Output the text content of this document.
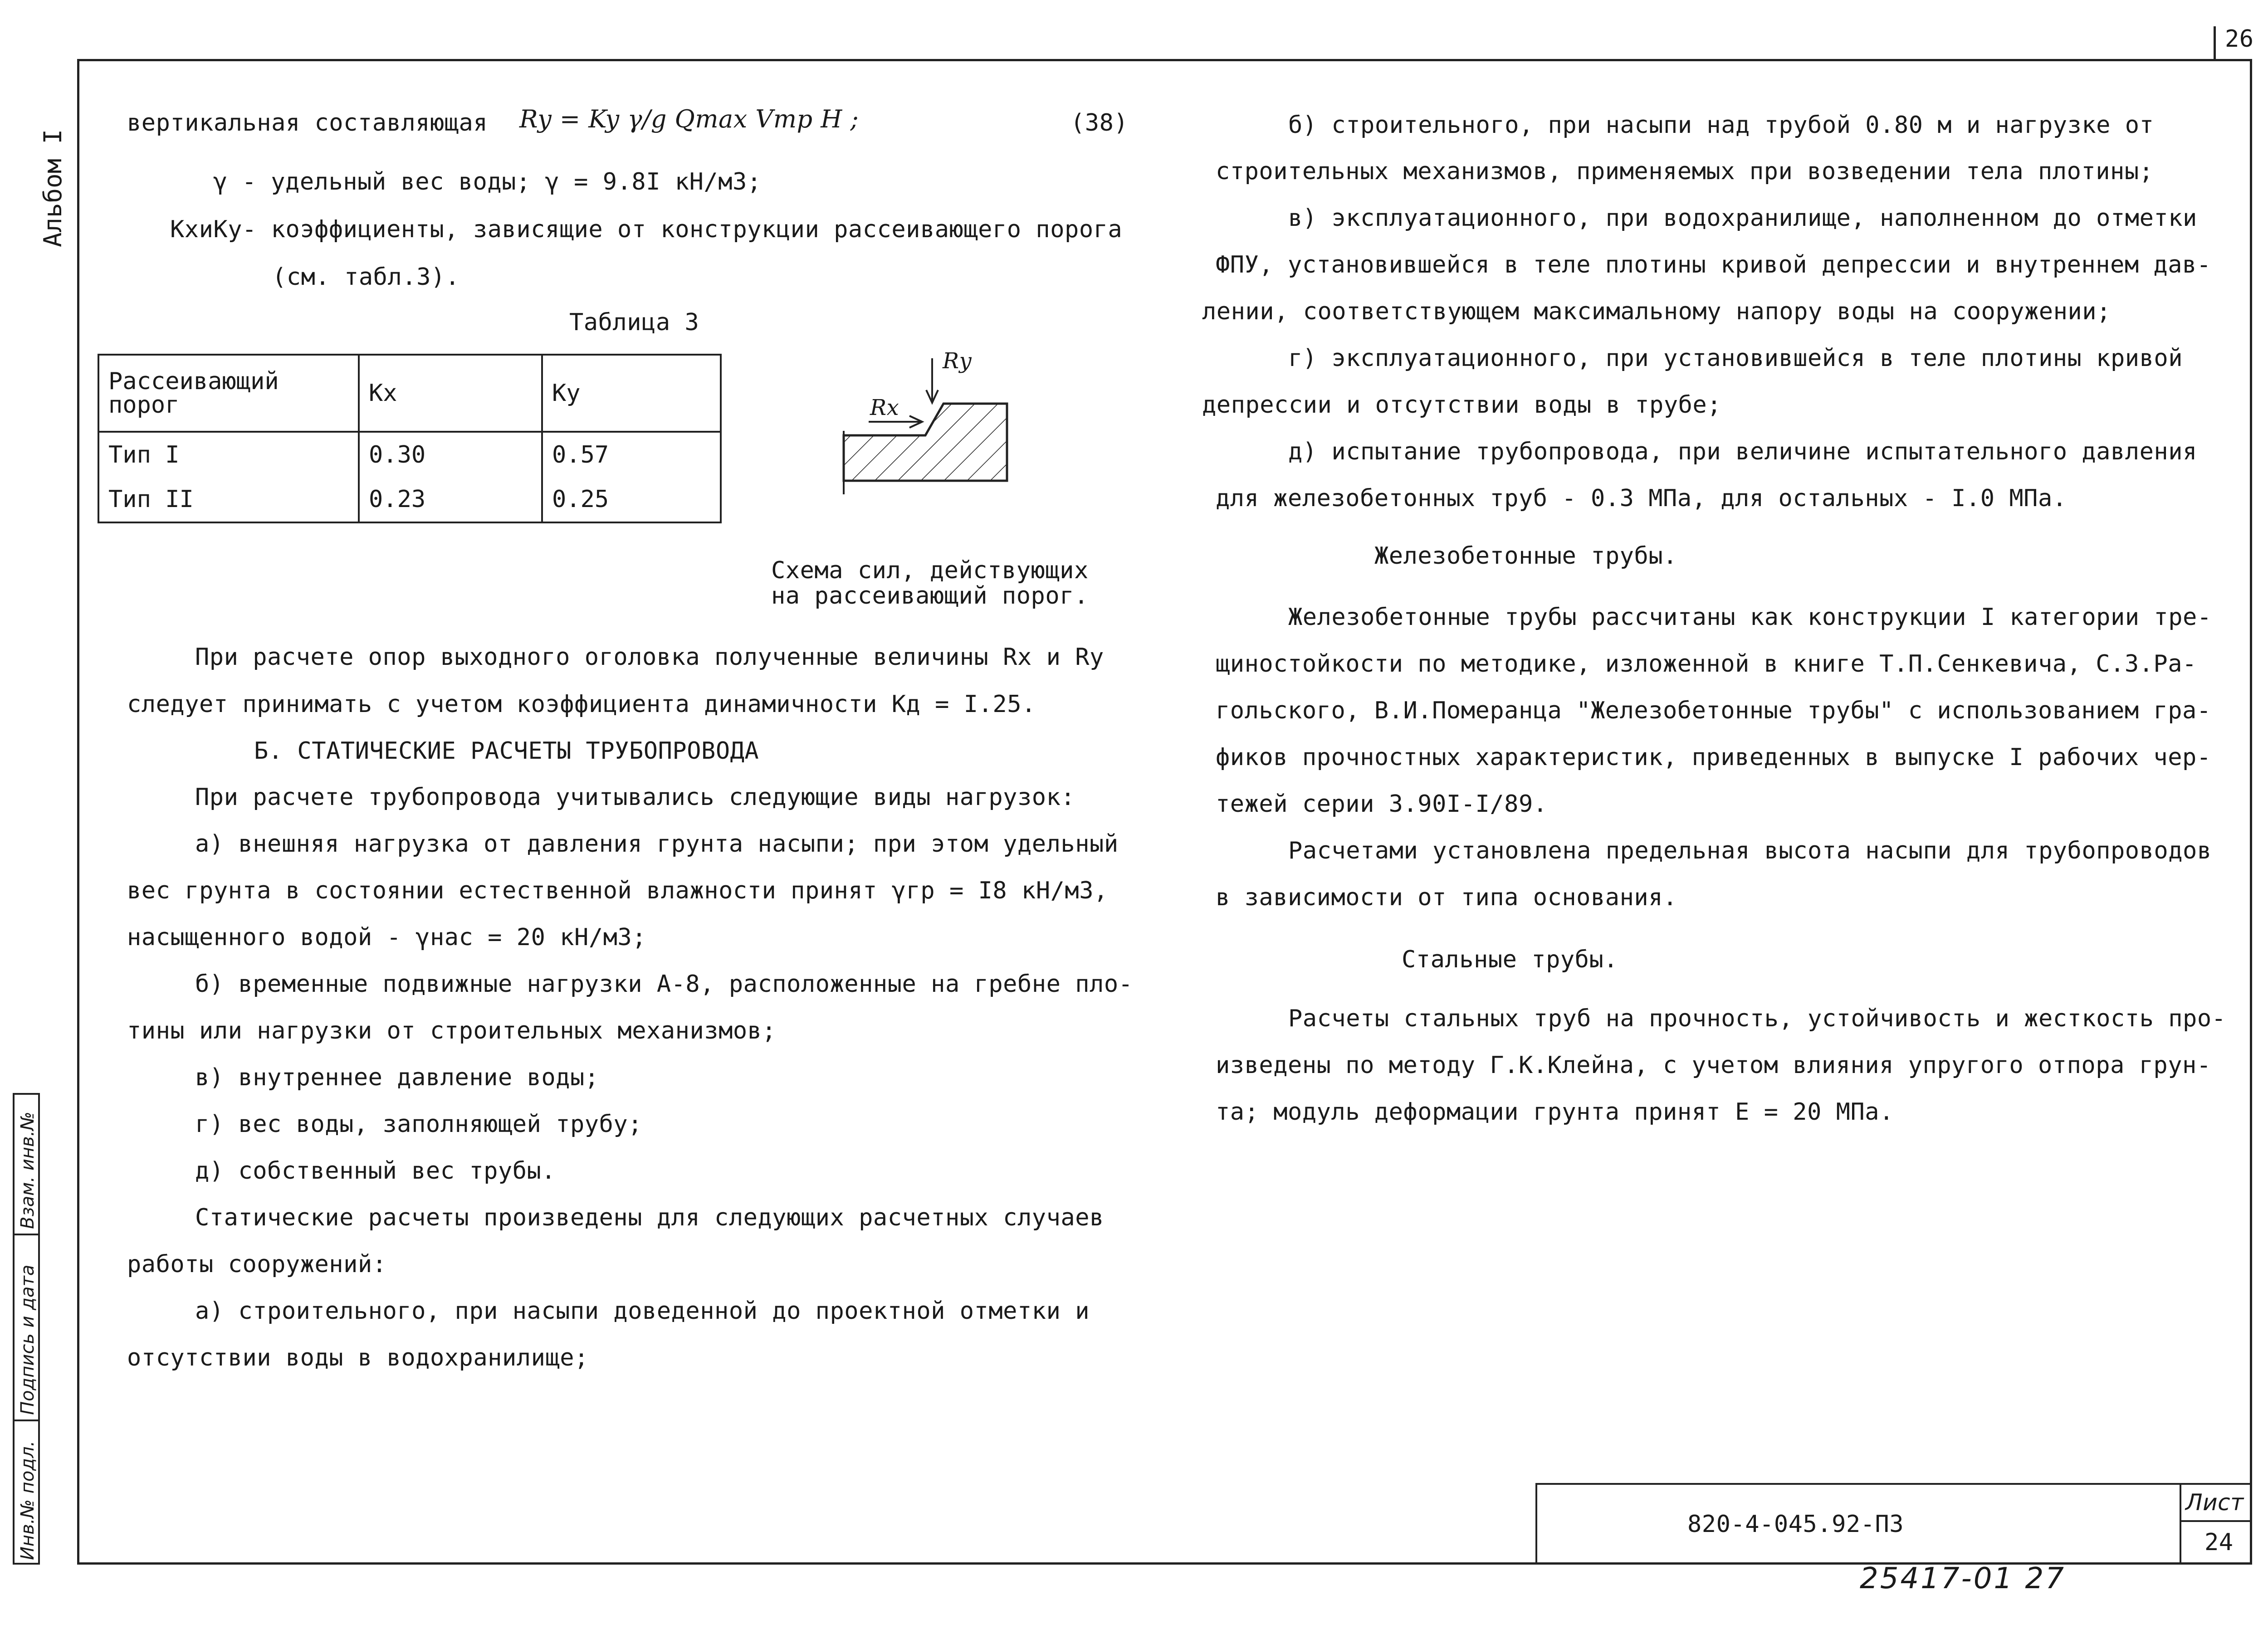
26
Альбом I
Инв.№ подл.
Подпись и дата
Взам. инв.№
вертикальная составляющая Ry = Ky γ/g Qmax Vтр H ;	(38)
γ - удельный вес воды; γ = 9.8I кН/м3;
KxиKy- коэффициенты, зависящие от конструкции рассеивающего порога
(см. табл.3).
Таблица 3
Рассеивающий порог	Kх	Kу
Тип I	0.30	0.57
Тип II	0.23	0.25
Rу
Rх
Схема сил, действующих
на рассеивающий порог.
При расчете опор выходного оголовка полученные величины Rх и Rу
следует принимать с учетом коэффициента динамичности Кд = I.25.
Б. СТАТИЧЕСКИЕ РАСЧЕТЫ ТРУБОПРОВОДА
При расчете трубопровода учитывались следующие виды нагрузок:
а) внешняя нагрузка от давления грунта насыпи; при этом удельный
вес грунта в состоянии естественной влажности принят γгр = I8 кН/м3,
насыщенного водой - γнас = 20 кН/м3;
б) временные подвижные нагрузки А-8, расположенные на гребне пло-
тины или нагрузки от строительных механизмов;
в) внутреннее давление воды;
г) вес воды, заполняющей трубу;
д) собственный вес трубы.
Статические расчеты произведены для следующих расчетных случаев
работы сооружений:
а) строительного, при насыпи доведенной до проектной отметки и
отсутствии воды в водохранилище;
б) строительного, при насыпи над трубой 0.80 м и нагрузке от
строительных механизмов, применяемых при возведении тела плотины;
в) эксплуатационного, при водохранилище, наполненном до отметки
ФПУ, установившейся в теле плотины кривой депрессии и внутреннем дав-
лении, соответствующем максимальному напору воды на сооружении;
г) эксплуатационного, при установившейся в теле плотины кривой
депрессии и отсутствии воды в трубе;
д) испытание трубопровода, при величине испытательного давления
для железобетонных труб - 0.3 МПа, для остальных - I.0 МПа.
Железобетонные трубы.
Железобетонные трубы рассчитаны как конструкции I категории тре-
щиностойкости по методике, изложенной в книге Т.П.Сенкевича, С.З.Ра-
гольского, В.И.Померанца "Железобетонные трубы" с использованием гра-
фиков прочностных характеристик, приведенных в выпуске I рабочих чер-
тежей серии 3.90I-I/89.
Расчетами установлена предельная высота насыпи для трубопроводов
в зависимости от типа основания.
Стальные трубы.
Расчеты стальных труб на прочность, устойчивость и жесткость про-
изведены по методу Г.К.Клейна, с учетом влияния упругого отпора грун-
та; модуль деформации грунта принят Е = 20 МПа.
820-4-045.92-ПЗ
Лист
24
25417-01 27
